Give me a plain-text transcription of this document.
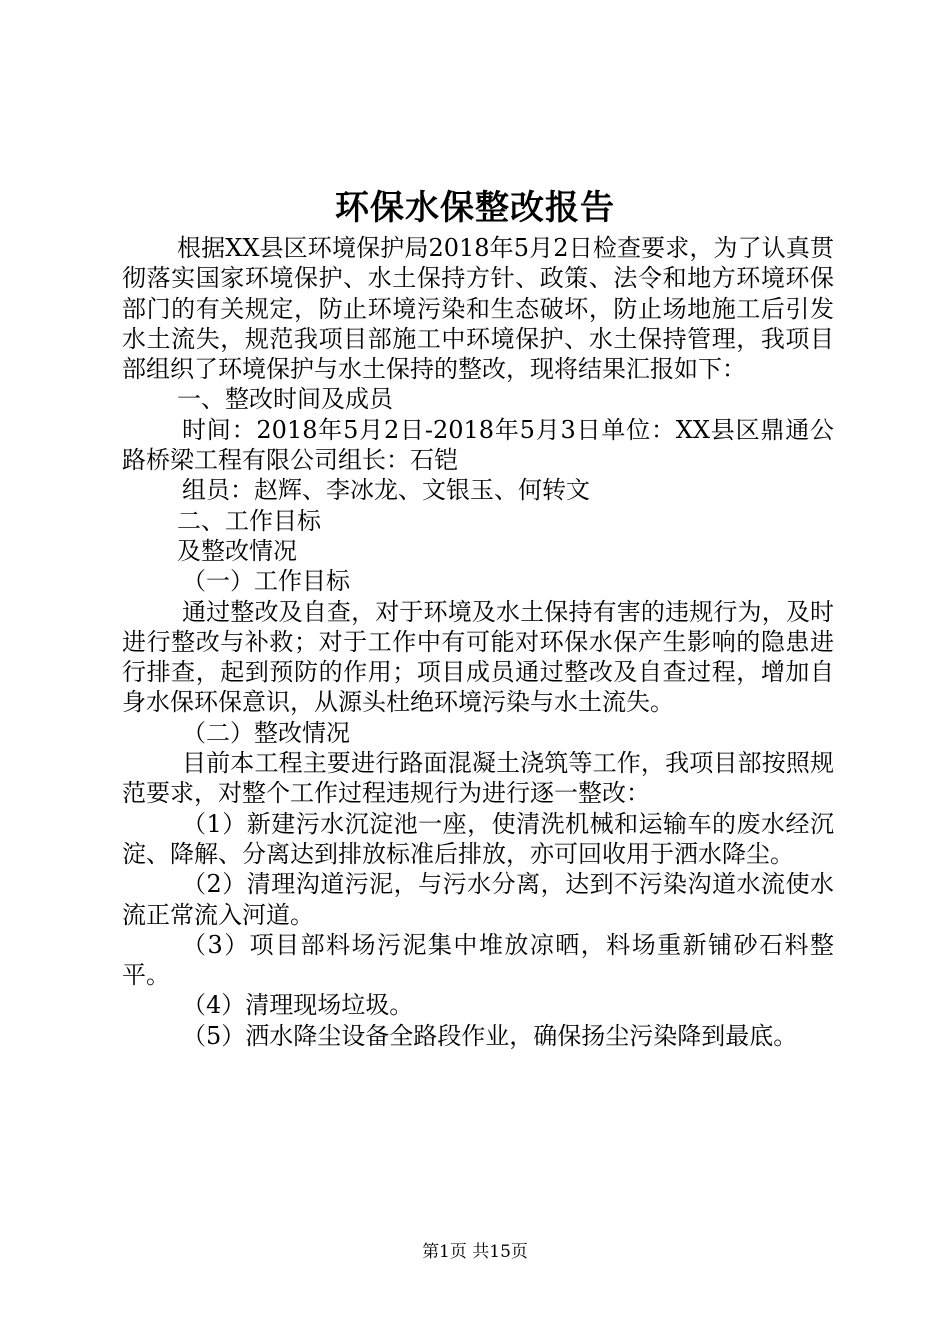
环保水保整改报告

根据XX县区环境保护局2018年5月2日检查要求，为了认真贯彻落实国家环境保护、水土保持方针、政策、法令和地方环境环保部门的有关规定，防止环境污染和生态破坏，防止场地施工后引发水土流失，规范我项目部施工中环境保护、水土保持管理，我项目部组织了环境保护与水土保持的整改，现将结果汇报如下：

一、整改时间及成员

时间：2018年5月2日-2018年5月3日单位：XX县区鼎通公路桥梁工程有限公司组长：石铠

组员：赵辉、李冰龙、文银玉、何转文

二、工作目标

及整改情况

（一）工作目标

通过整改及自查，对于环境及水土保持有害的违规行为，及时进行整改与补救；对于工作中有可能对环保水保产生影响的隐患进行排查，起到预防的作用；项目成员通过整改及自查过程，增加自身水保环保意识，从源头杜绝环境污染与水土流失。

（二）整改情况

目前本工程主要进行路面混凝土浇筑等工作，我项目部按照规范要求，对整个工作过程违规行为进行逐一整改：

（1）新建污水沉淀池一座，使清洗机械和运输车的废水经沉淀、降解、分离达到排放标准后排放，亦可回收用于洒水降尘。

（2）清理沟道污泥，与污水分离，达到不污染沟道水流使水流正常流入河道。

（3）项目部料场污泥集中堆放凉晒，料场重新铺砂石料整平。

（4）清理现场垃圾。

（5）洒水降尘设备全路段作业，确保扬尘污染降到最底。

第1页 共15页
